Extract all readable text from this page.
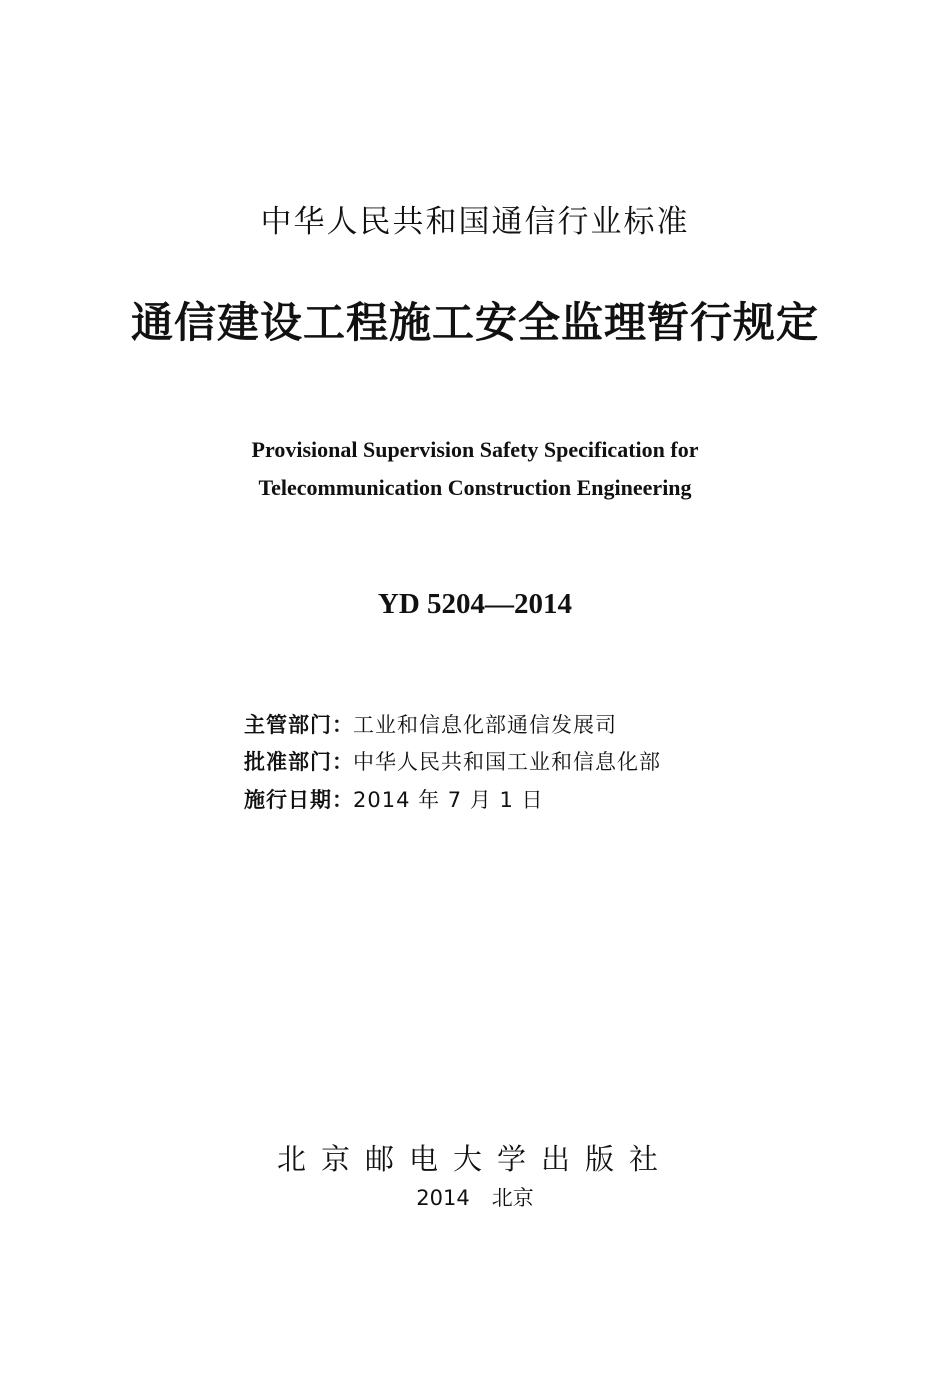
中华人民共和国通信行业标准
通信建设工程施工安全监理暂行规定
Provisional Supervision Safety Specification for
Telecommunication Construction Engineering
YD 5204—2014
主管部门：工业和信息化部通信发展司
批准部门：中华人民共和国工业和信息化部
施行日期：2014 年 7 月 1 日
北京邮电大学出版社
2014 北京
